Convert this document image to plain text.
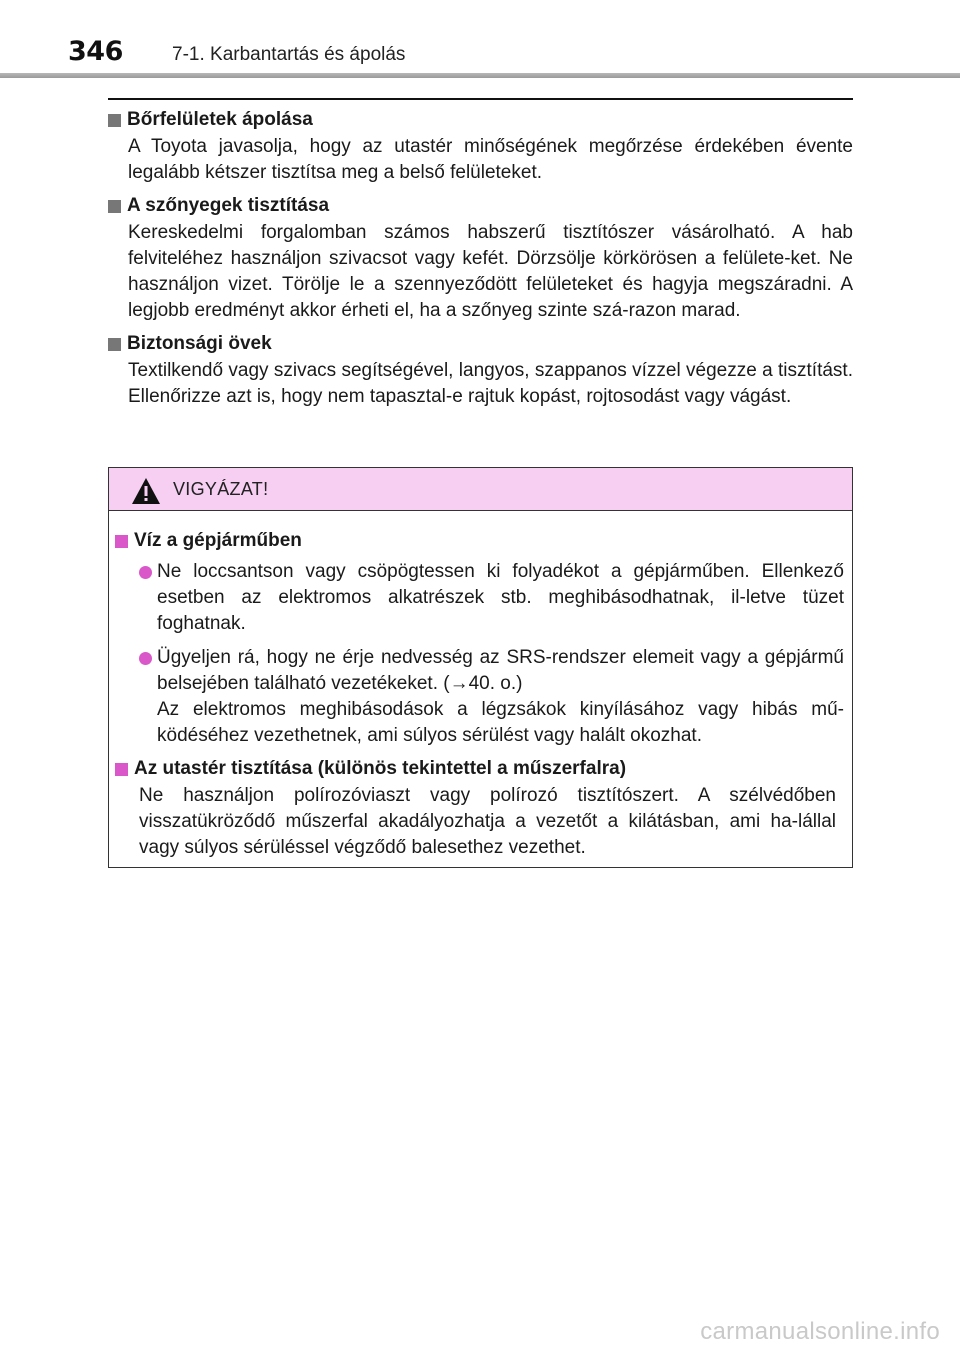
346	7-1. Karbantartás és ápolás
Bőrfelületek ápolása
A Toyota javasolja, hogy az utastér minőségének megőrzése érdekében évente legalább kétszer tisztítsa meg a belső felületeket.
A szőnyegek tisztítása
Kereskedelmi forgalomban számos habszerű tisztítószer vásárolható. A hab felviteléhez használjon szivacsot vagy kefét. Dörzsölje körkörösen a felülete-ket. Ne használjon vizet. Törölje le a szennyeződött felületeket és hagyja megszáradni. A legjobb eredményt akkor érheti el, ha a szőnyeg szinte szá-razon marad.
Biztonsági övek
Textilkendő vagy szivacs segítségével, langyos, szappanos vízzel végezze a tisztítást. Ellenőrizze azt is, hogy nem tapasztal-e rajtuk kopást, rojtosodást vagy vágást.
VIGYÁZAT!
Víz a gépjárműben
Ne loccsantson vagy csöpögtessen ki folyadékot a gépjárműben. Ellenkező esetben az elektromos alkatrészek stb. meghibásodhatnak, il-letve tüzet foghatnak.
Ügyeljen rá, hogy ne érje nedvesség az SRS-rendszer elemeit vagy a gépjármű belsejében található vezetékeket. (→40. o.)
Az elektromos meghibásodások a légzsákok kinyílásához vagy hibás mű-ködéséhez vezethetnek, ami súlyos sérülést vagy halált okozhat.
Az utastér tisztítása (különös tekintettel a műszerfalra)
Ne használjon polírozóviaszt vagy polírozó tisztítószert. A szélvédőben visszatükröződő műszerfal akadályozhatja a vezetőt a kilátásban, ami ha-lállal vagy súlyos sérüléssel végződő balesethez vezethet.
carmanualsonline.info
